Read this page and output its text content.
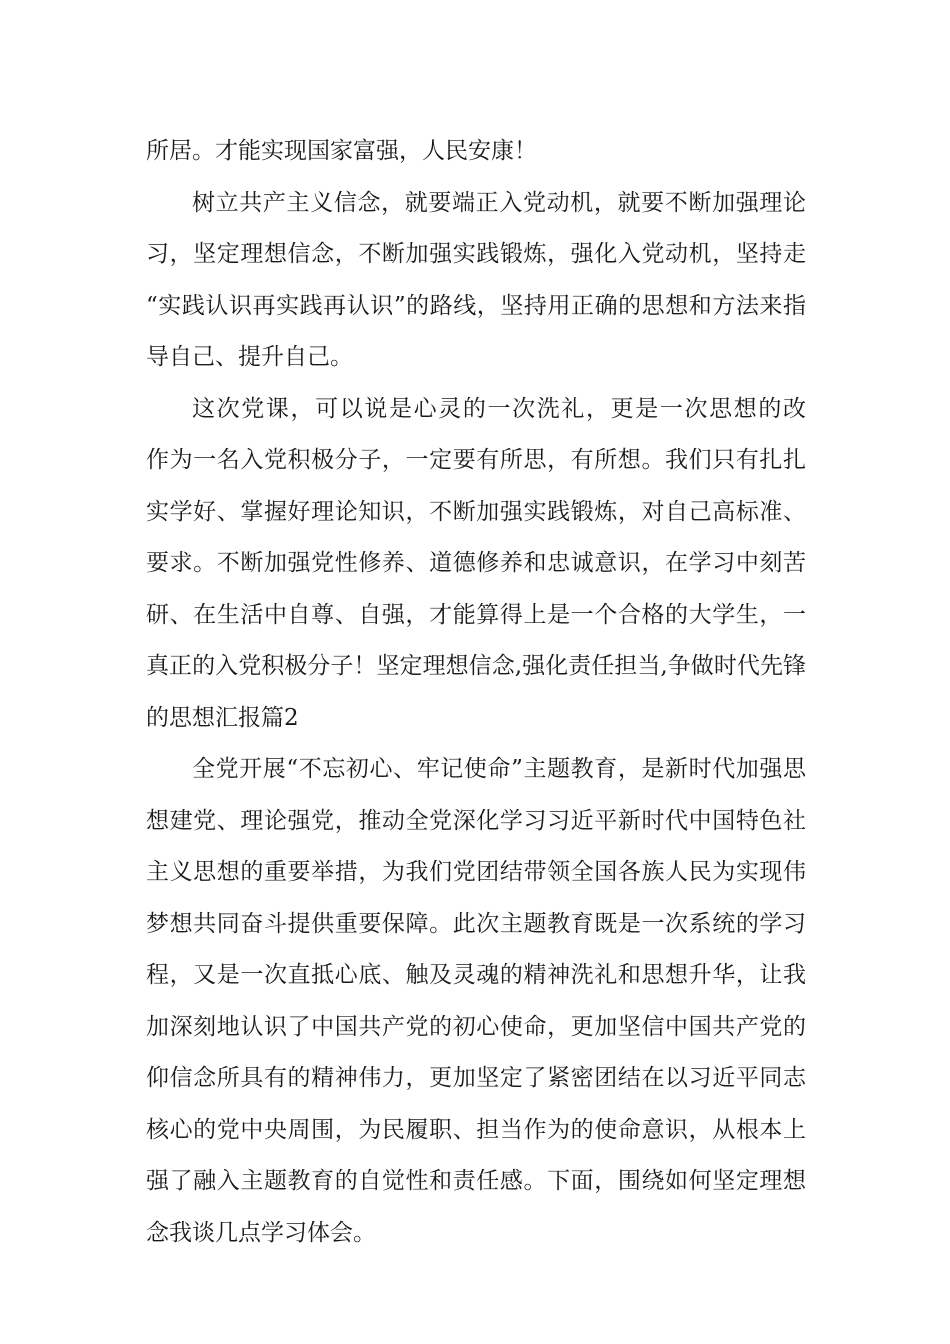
所居。才能实现国家富强，人民安康！
树立共产主义信念，就要端正入党动机，就要不断加强理论
习，坚定理想信念，不断加强实践锻炼，强化入党动机，坚持走
“实践认识再实践再认识”的路线，坚持用正确的思想和方法来指
导自己、提升自己。
这次党课，可以说是心灵的一次洗礼，更是一次思想的改
作为一名入党积极分子，一定要有所思，有所想。我们只有扎扎
实学好、掌握好理论知识，不断加强实践锻炼，对自己高标准、
要求。不断加强党性修养、道德修养和忠诚意识，在学习中刻苦
研、在生活中自尊、自强，才能算得上是一个合格的大学生，一
真正的入党积极分子！坚定理想信念,强化责任担当,争做时代先锋
的思想汇报篇2
全党开展“不忘初心、牢记使命”主题教育，是新时代加强思
想建党、理论强党，推动全党深化学习习近平新时代中国特色社
主义思想的重要举措，为我们党团结带领全国各族人民为实现伟
梦想共同奋斗提供重要保障。此次主题教育既是一次系统的学习
程，又是一次直抵心底、触及灵魂的精神洗礼和思想升华，让我
加深刻地认识了中国共产党的初心使命，更加坚信中国共产党的
仰信念所具有的精神伟力，更加坚定了紧密团结在以习近平同志
核心的党中央周围，为民履职、担当作为的使命意识，从根本上
强了融入主题教育的自觉性和责任感。下面，围绕如何坚定理想
念我谈几点学习体会。
